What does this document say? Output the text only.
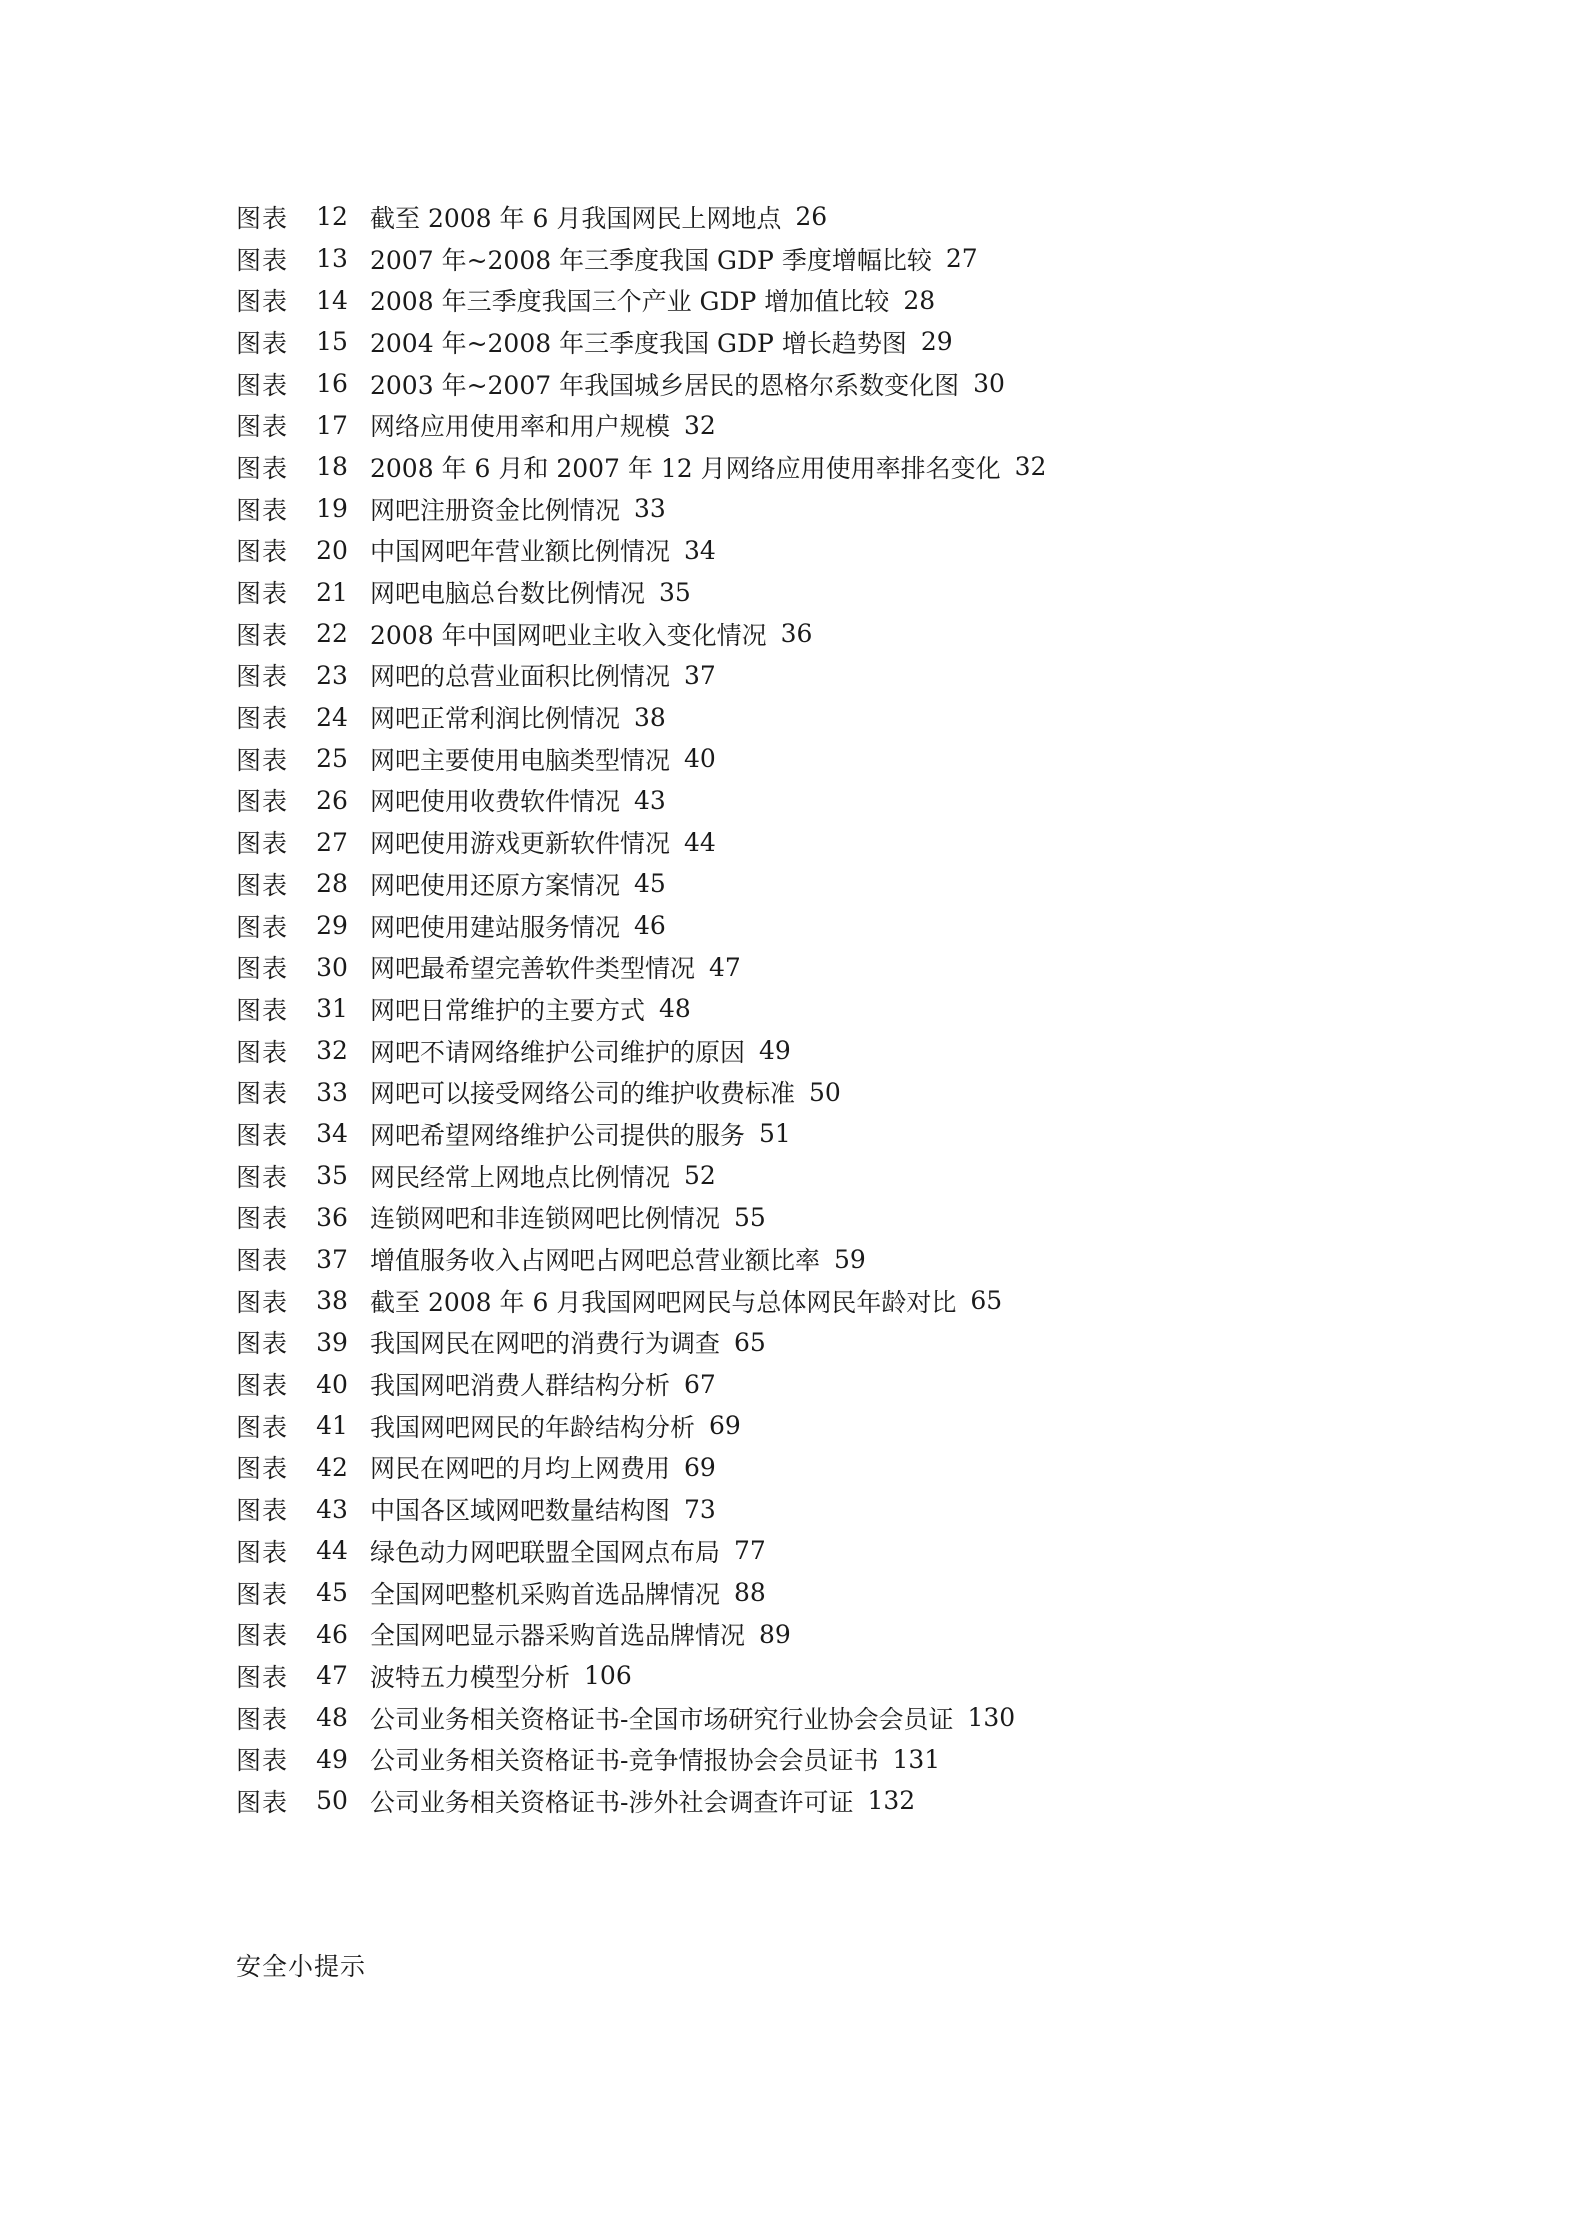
图表	12 截至 2008 年 6 月我国网民上网地点 26
图表	13 2007 年~2008 年三季度我国 GDP 季度增幅比较 27
图表	14 2008 年三季度我国三个产业 GDP 增加值比较 28
图表	15 2004 年~2008 年三季度我国 GDP 增长趋势图 29
图表	16 2003 年~2007 年我国城乡居民的恩格尔系数变化图 30
图表	17 网络应用使用率和用户规模 32
图表	18 2008 年 6 月和 2007 年 12 月网络应用使用率排名变化 32
图表	19 网吧注册资金比例情况 33
图表	20 中国网吧年营业额比例情况 34
图表	21 网吧电脑总台数比例情况 35
图表	22 2008 年中国网吧业主收入变化情况 36
图表	23 网吧的总营业面积比例情况 37
图表	24 网吧正常利润比例情况 38
图表	25 网吧主要使用电脑类型情况 40
图表	26 网吧使用收费软件情况 43
图表	27 网吧使用游戏更新软件情况 44
图表	28 网吧使用还原方案情况 45
图表	29 网吧使用建站服务情况 46
图表	30 网吧最希望完善软件类型情况 47
图表	31 网吧日常维护的主要方式 48
图表	32 网吧不请网络维护公司维护的原因 49
图表	33 网吧可以接受网络公司的维护收费标准 50
图表	34 网吧希望网络维护公司提供的服务 51
图表	35 网民经常上网地点比例情况 52
图表	36 连锁网吧和非连锁网吧比例情况 55
图表	37 增值服务收入占网吧占网吧总营业额比率 59
图表	38 截至 2008 年 6 月我国网吧网民与总体网民年龄对比 65
图表	39 我国网民在网吧的消费行为调查 65
图表	40 我国网吧消费人群结构分析 67
图表	41 我国网吧网民的年龄结构分析 69
图表	42 网民在网吧的月均上网费用 69
图表	43 中国各区域网吧数量结构图 73
图表	44 绿色动力网吧联盟全国网点布局 77
图表	45 全国网吧整机采购首选品牌情况 88
图表	46 全国网吧显示器采购首选品牌情况 89
图表	47 波特五力模型分析 106
图表	48 公司业务相关资格证书-全国市场研究行业协会会员证 130
图表	49 公司业务相关资格证书-竞争情报协会会员证书 131
图表	50 公司业务相关资格证书-涉外社会调查许可证 132
安全小提示
